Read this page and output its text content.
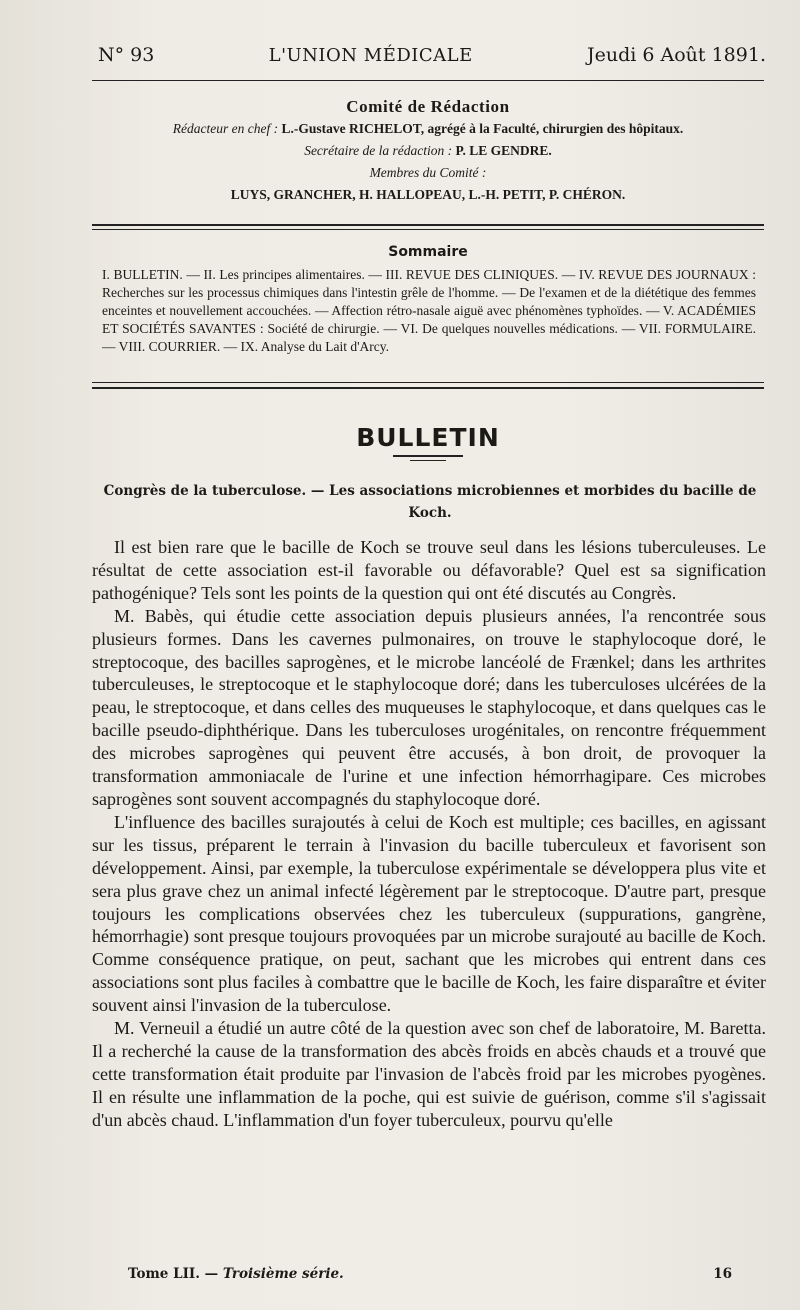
N° 93	L'UNION MÉDICALE	Jeudi 6 Août 1891.
Comité de Rédaction
Rédacteur en chef : L.-Gustave RICHELOT, agrégé à la Faculté, chirurgien des hôpitaux.
Secrétaire de la rédaction : P. LE GENDRE.
Membres du Comité :
LUYS, GRANCHER, H. HALLOPEAU, L.-H. PETIT, P. CHÉRON.
Sommaire

I. BULLETIN. — II. Les principes alimentaires. — III. REVUE DES CLINIQUES. — IV. REVUE DES JOURNAUX : Recherches sur les processus chimiques dans l'intestin grêle de l'homme. — De l'examen et de la diététique des femmes enceintes et nouvellement accouchées. — Affection rétro-nasale aiguë avec phénomènes typhoïdes. — V. ACADÉMIES ET SOCIÉTÉS SAVANTES : Société de chirurgie. — VI. De quelques nouvelles médications. — VII. FORMULAIRE. — VIII. COURRIER. — IX. Analyse du Lait d'Arcy.

BULLETIN

Congrès de la tuberculose. — Les associations microbiennes et morbides du bacille de Koch.

Il est bien rare que le bacille de Koch se trouve seul dans les lésions tuberculeuses. Le résultat de cette association est-il favorable ou défavorable? Quel est sa signification pathogénique? Tels sont les points de la question qui ont été discutés au Congrès.

M. Babès, qui étudie cette association depuis plusieurs années, l'a rencontrée sous plusieurs formes. Dans les cavernes pulmonaires, on trouve le staphylocoque doré, le streptocoque, des bacilles saprogènes, et le microbe lancéolé de Frænkel; dans les arthrites tuberculeuses, le streptocoque et le staphylocoque doré; dans les tuberculoses ulcérées de la peau, le streptocoque, et dans celles des muqueuses le staphylocoque, et dans quelques cas le bacille pseudo-diphthérique. Dans les tuberculoses urogénitales, on rencontre fréquemment des microbes saprogènes qui peuvent être accusés, à bon droit, de provoquer la transformation ammoniacale de l'urine et une infection hémorrhagipare. Ces microbes saprogènes sont souvent accompagnés du staphylocoque doré.

L'influence des bacilles surajoutés à celui de Koch est multiple; ces bacilles, en agissant sur les tissus, préparent le terrain à l'invasion du bacille tuberculeux et favorisent son développement. Ainsi, par exemple, la tuberculose expérimentale se développera plus vite et sera plus grave chez un animal infecté légèrement par le streptocoque. D'autre part, presque toujours les complications observées chez les tuberculeux (suppurations, gangrène, hémorrhagie) sont presque toujours provoquées par un microbe surajouté au bacille de Koch. Comme conséquence pratique, on peut, sachant que les microbes qui entrent dans ces associations sont plus faciles à combattre que le bacille de Koch, les faire disparaître et éviter souvent ainsi l'invasion de la tuberculose.

M. Verneuil a étudié un autre côté de la question avec son chef de laboratoire, M. Baretta. Il a recherché la cause de la transformation des abcès froids en abcès chauds et a trouvé que cette transformation était produite par l'invasion de l'abcès froid par les microbes pyogènes. Il en résulte une inflammation de la poche, qui est suivie de guérison, comme s'il s'agissait d'un abcès chaud. L'inflammation d'un foyer tuberculeux, pourvu qu'elle

Tome LII. — Troisième série.	16
